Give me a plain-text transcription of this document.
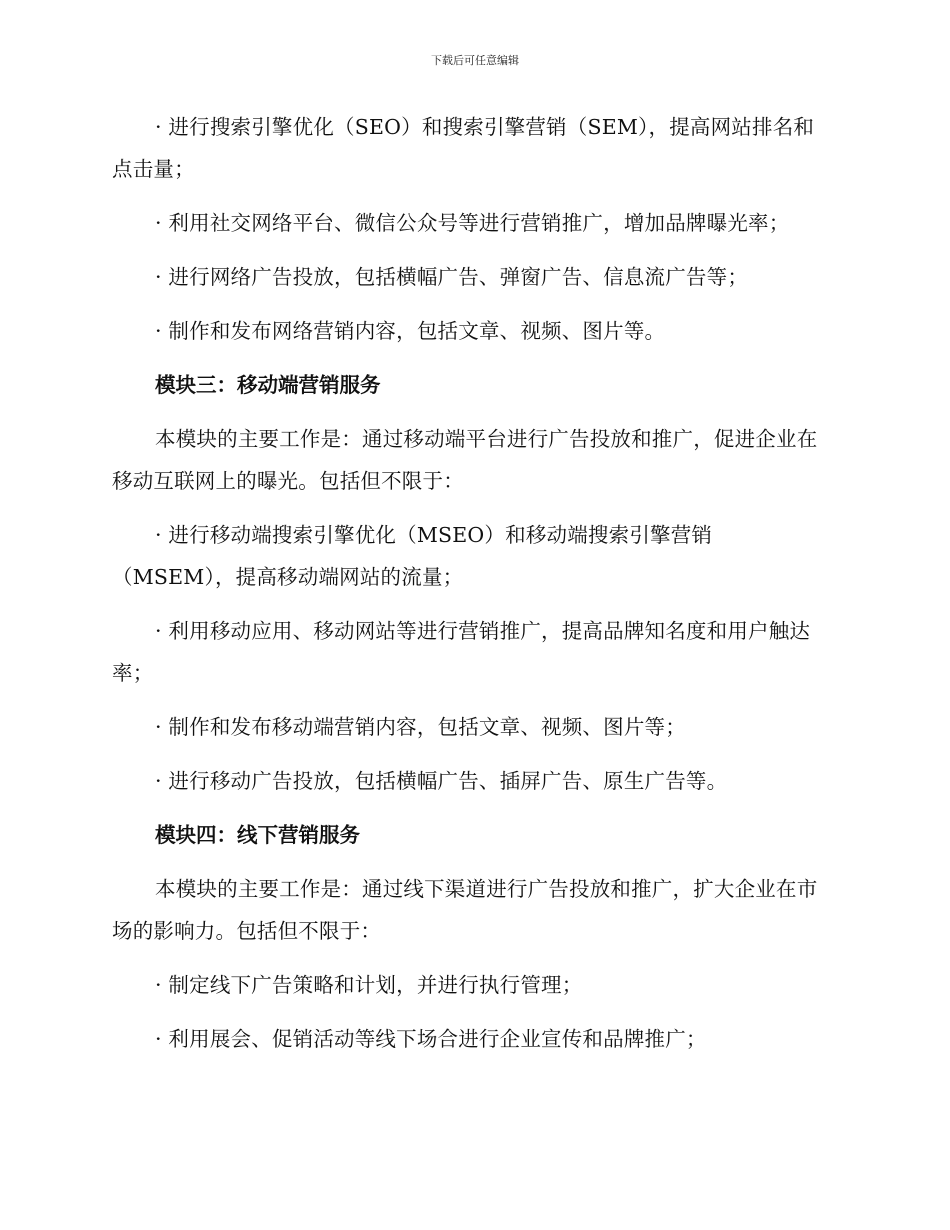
下载后可任意编辑

· 进行搜索引擎优化（SEO）和搜索引擎营销（SEM），提高网站排名和点击量；

· 利用社交网络平台、微信公众号等进行营销推广，增加品牌曝光率；

· 进行网络广告投放，包括横幅广告、弹窗广告、信息流广告等；

· 制作和发布网络营销内容，包括文章、视频、图片等。

模块三：移动端营销服务

本模块的主要工作是：通过移动端平台进行广告投放和推广，促进企业在移动互联网上的曝光。包括但不限于：

· 进行移动端搜索引擎优化（MSEO）和移动端搜索引擎营销（MSEM），提高移动端网站的流量；

· 利用移动应用、移动网站等进行营销推广，提高品牌知名度和用户触达率；

· 制作和发布移动端营销内容，包括文章、视频、图片等；

· 进行移动广告投放，包括横幅广告、插屏广告、原生广告等。

模块四：线下营销服务

本模块的主要工作是：通过线下渠道进行广告投放和推广，扩大企业在市场的影响力。包括但不限于：

· 制定线下广告策略和计划，并进行执行管理；

· 利用展会、促销活动等线下场合进行企业宣传和品牌推广；
